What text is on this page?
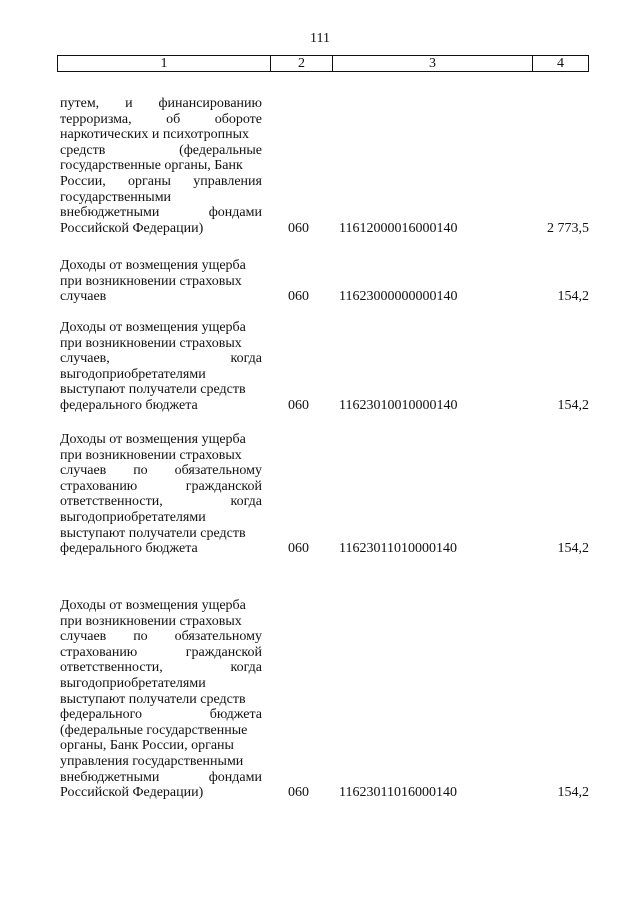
111
1	2	3	4
путем, и финансированию
терроризма, об обороте
наркотических и психотропных
средств	(федеральные
государственные органы, Банк
России, органы управления
государственными
внебюджетными	фондами
Российской Федерации)	060 11612000016000140	2 773,5
Доходы от возмещения ущерба
при возникновении страховых
случаев	060 11623000000000140	154,2
Доходы от возмещения ущерба
при возникновении страховых
случаев,	когда
выгодоприобретателями
выступают получатели средств
федерального бюджета	060 11623010010000140	154,2
Доходы от возмещения ущерба
при возникновении страховых
случаев по обязательному
страхованию	гражданской
ответственности,	когда
выгодоприобретателями
выступают получатели средств
федерального бюджета	060 11623011010000140	154,2
Доходы от возмещения ущерба
при возникновении страховых
случаев по обязательному
страхованию	гражданской
ответственности,	когда
выгодоприобретателями
выступают получатели средств
федерального	бюджета
(федеральные государственные
органы, Банк России, органы
управления государственными
внебюджетными	фондами
Российской Федерации)	060 11623011016000140	154,2
